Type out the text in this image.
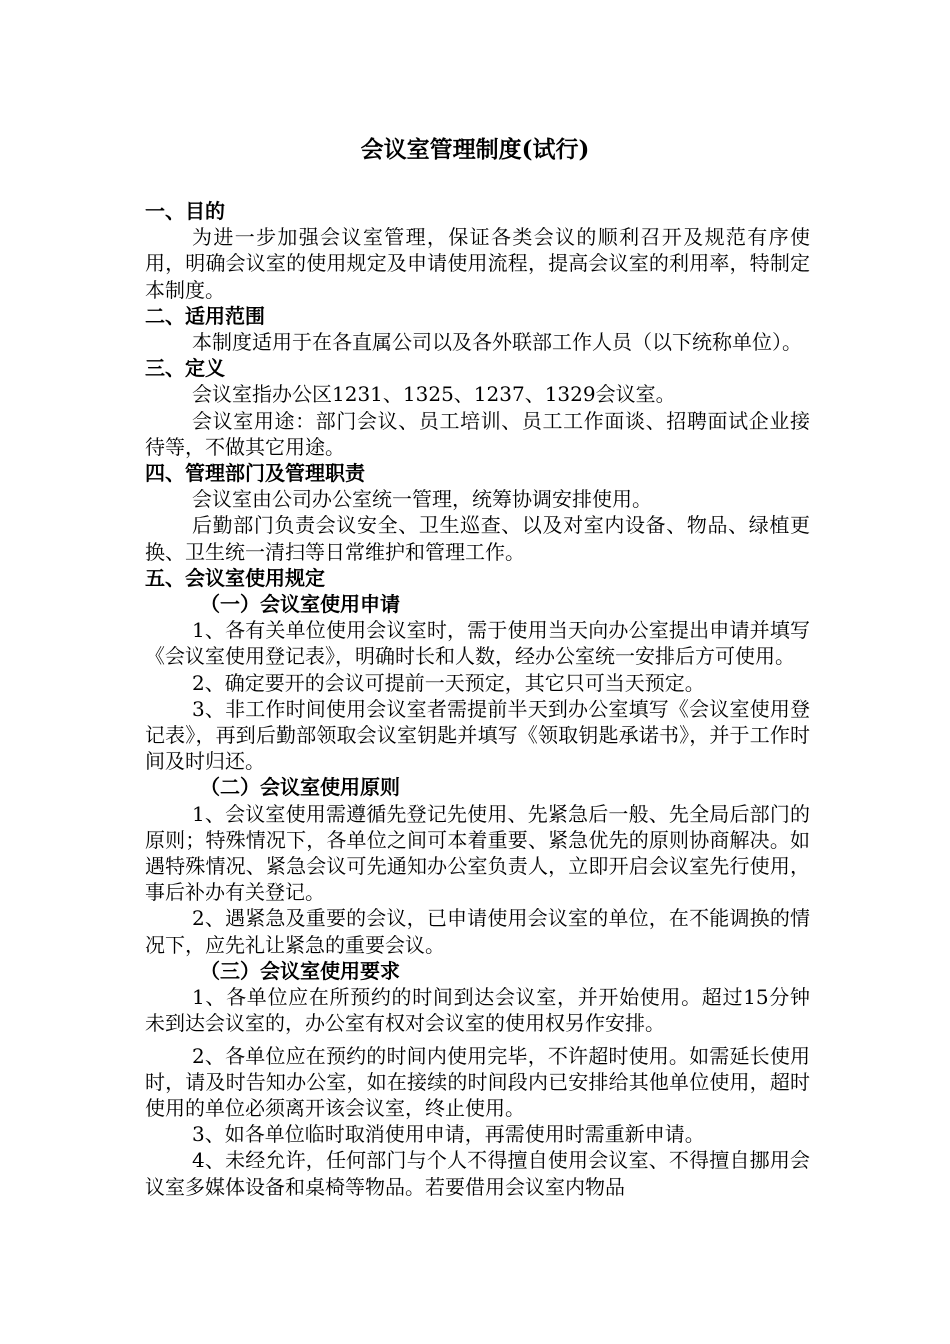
会议室管理制度(试行)
一、目的

为进一步加强会议室管理，保证各类会议的顺利召开及规范有序使用，明确会议室的使用规定及申请使用流程，提高会议室的利用率，特制定本制度。

二、适用范围

本制度适用于在各直属公司以及各外联部工作人员（以下统称单位）。

三、定义

会议室指办公区1231、1325、1237、1329会议室。

会议室用途：部门会议、员工培训、员工工作面谈、招聘面试企业接待等，不做其它用途。

四、管理部门及管理职责

会议室由公司办公室统一管理，统筹协调安排使用。

后勤部门负责会议安全、卫生巡查、以及对室内设备、物品、绿植更换、卫生统一清扫等日常维护和管理工作。

五、会议室使用规定
（一）会议室使用申请

1、各有关单位使用会议室时，需于使用当天向办公室提出申请并填写《会议室使用登记表》，明确时长和人数，经办公室统一安排后方可使用。

2、确定要开的会议可提前一天预定，其它只可当天预定。

3、非工作时间使用会议室者需提前半天到办公室填写《会议室使用登记表》，再到后勤部领取会议室钥匙并填写《领取钥匙承诺书》，并于工作时间及时归还。

（二）会议室使用原则

1、会议室使用需遵循先登记先使用、先紧急后一般、先全局后部门的原则；特殊情况下，各单位之间可本着重要、紧急优先的原则协商解决。如遇特殊情况、紧急会议可先通知办公室负责人，立即开启会议室先行使用，事后补办有关登记。

2、遇紧急及重要的会议，已申请使用会议室的单位，在不能调换的情况下，应先礼让紧急的重要会议。

（三）会议室使用要求

1、各单位应在所预约的时间到达会议室，并开始使用。超过15分钟未到达会议室的，办公室有权对会议室的使用权另作安排。

2、各单位应在预约的时间内使用完毕，不许超时使用。如需延长使用时，请及时告知办公室，如在接续的时间段内已安排给其他单位使用，超时使用的单位必须离开该会议室，终止使用。

3、如各单位临时取消使用申请，再需使用时需重新申请。

4、未经允许，任何部门与个人不得擅自使用会议室、不得擅自挪用会议室多媒体设备和桌椅等物品。若要借用会议室内物品
